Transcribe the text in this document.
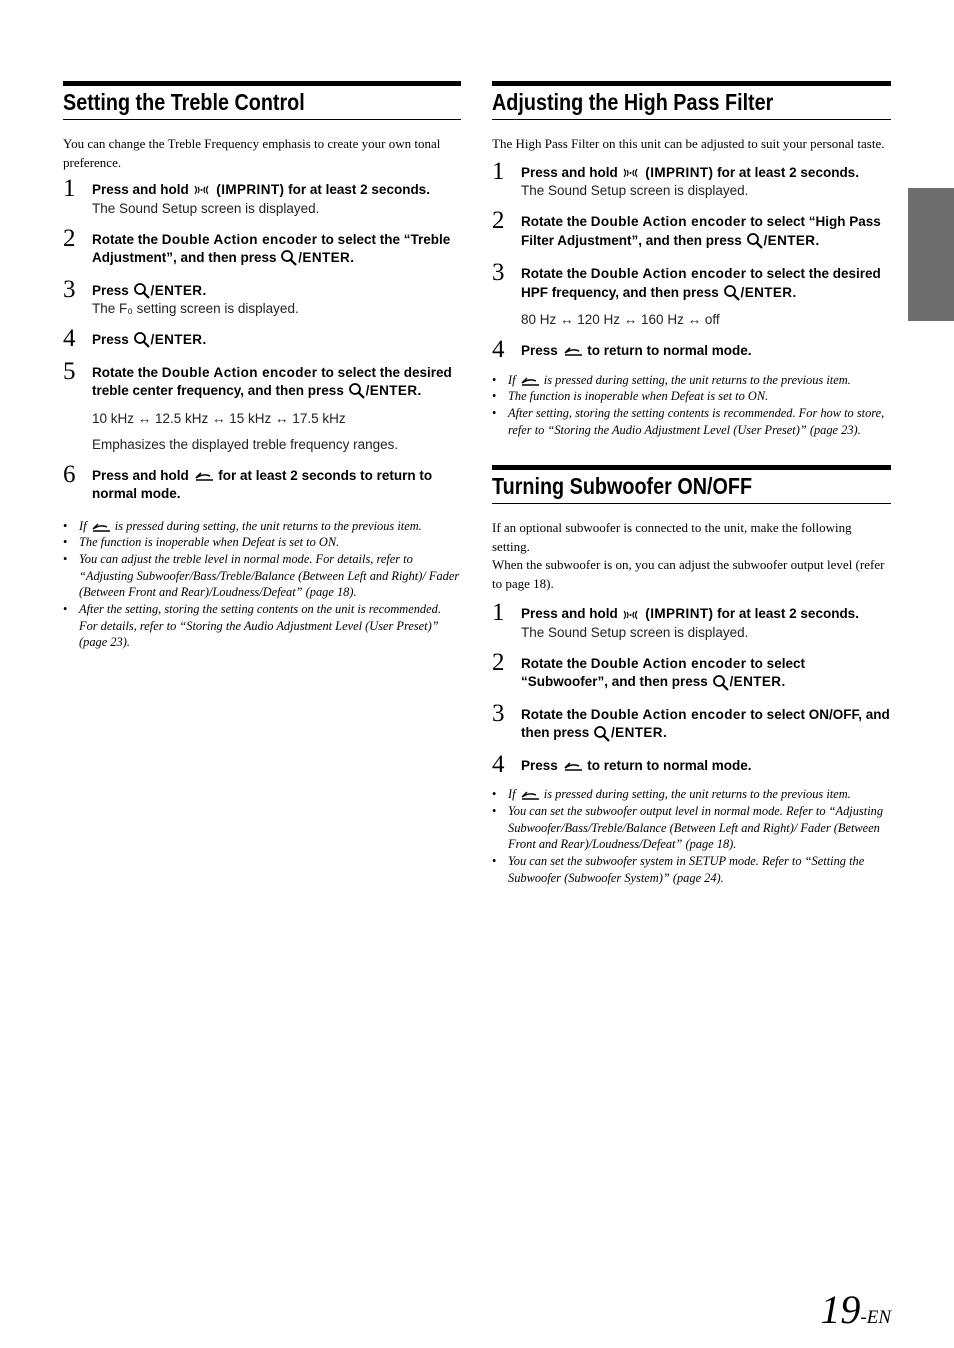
Setting the Treble Control

You can change the Treble Frequency emphasis to create your own tonal preference.

1 Press and hold
(IMPRINT) for at least 2 seconds.
The Sound Setup screen is displayed.
2 Rotate the Double Action encoder to select the “Treble Adjustment”, and then press
/ENTER.
3 Press
/ENTER.
The F₀ setting screen is displayed.
4 Press
/ENTER.
5 Rotate the Double Action encoder to select the desired treble center frequency, and then press
/ENTER.
10 kHz ↔ 12.5 kHz ↔ 15 kHz ↔ 17.5 kHz
Emphasizes the displayed treble frequency ranges.
6 Press and hold
for at least 2 seconds to return to normal mode.
• If
is pressed during setting, the unit returns to the previous item.
• The function is inoperable when Defeat is set to ON.
• You can adjust the treble level in normal mode. For details, refer to “Adjusting Subwoofer/Bass/Treble/Balance (Between Left and Right)/ Fader (Between Front and Rear)/Loudness/Defeat” (page 18).
• After the setting, storing the setting contents on the unit is recommended. For details, refer to “Storing the Audio Adjustment Level (User Preset)” (page 23).
Adjusting the High Pass Filter

The High Pass Filter on this unit can be adjusted to suit your personal taste.

1 Press and hold
(IMPRINT) for at least 2 seconds.
The Sound Setup screen is displayed.
2 Rotate the Double Action encoder to select “High Pass Filter Adjustment”, and then press
/ENTER.
3 Rotate the Double Action encoder to select the desired HPF frequency, and then press
/ENTER.
80 Hz ↔ 120 Hz ↔ 160 Hz ↔ off
4 Press
to return to normal mode.
• If
is pressed during setting, the unit returns to the previous item.
• The function is inoperable when Defeat is set to ON.
• After setting, storing the setting contents is recommended. For how to store, refer to “Storing the Audio Adjustment Level (User Preset)” (page 23).
Turning Subwoofer ON/OFF

If an optional subwoofer is connected to the unit, make the following setting.

When the subwoofer is on, you can adjust the subwoofer output level (refer to page 18).

1 Press and hold
(IMPRINT) for at least 2 seconds.
The Sound Setup screen is displayed.
2 Rotate the Double Action encoder to select “Subwoofer”, and then press
/ENTER.
3 Rotate the Double Action encoder to select ON/OFF, and then press
/ENTER.
4 Press
to return to normal mode.
• If
is pressed during setting, the unit returns to the previous item.
• You can set the subwoofer output level in normal mode. Refer to “Adjusting Subwoofer/Bass/Treble/Balance (Between Left and Right)/ Fader (Between Front and Rear)/Loudness/Defeat” (page 18).
• You can set the subwoofer system in SETUP mode. Refer to “Setting the Subwoofer (Subwoofer System)” (page 24).
19-EN
